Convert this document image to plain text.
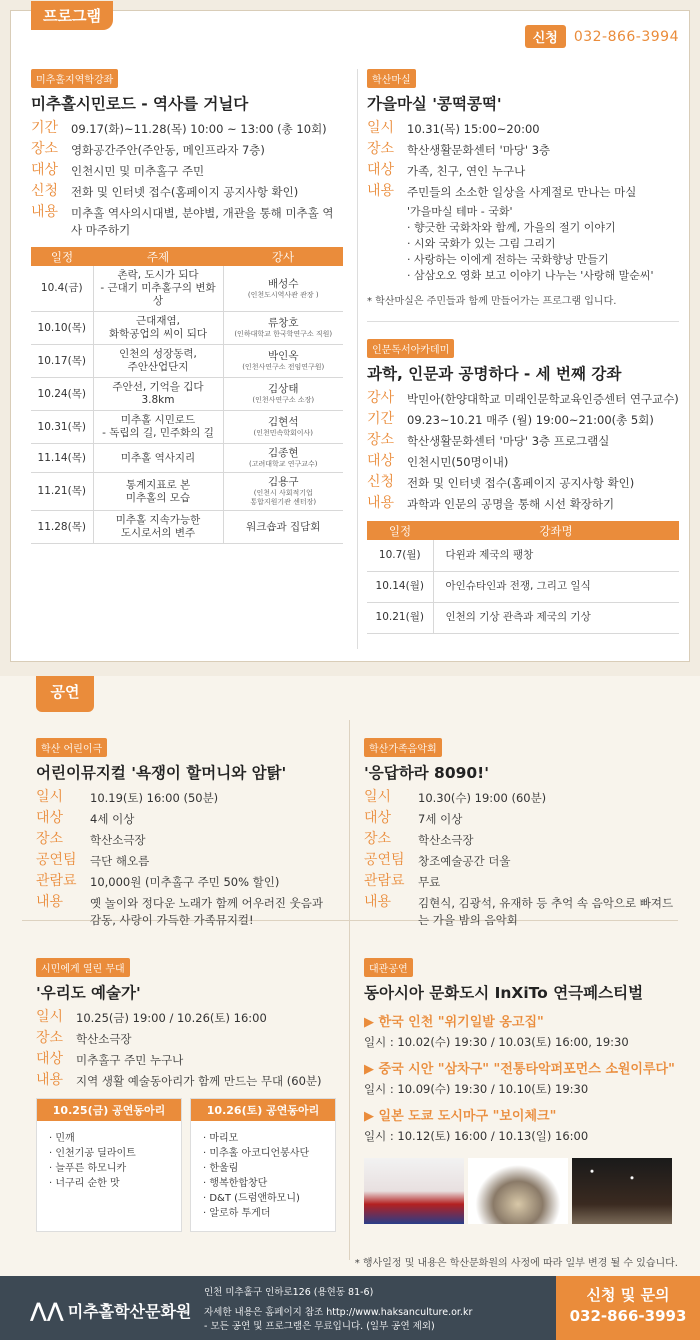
프로그램
신청	032-866-3994
미추홀지역학강좌
미추홀시민로드 - 역사를 거닐다
기간	09.17(화)~11.28(목) 10:00 ~ 13:00 (총 10회)
장소	영화공간주안(주안동, 메인프라자 7층)
대상	인천시민 및 미추홀구 주민
신청	전화 및 인터넷 접수(홈페이지 공지사항 확인)
내용	미추홀 역사의시대별, 분야별, 개관을 통해 미추홀 역사 마주하기
일정	주제	강사
10.4(금)	촌락, 도시가 되다
- 근대기 미추홀구의 변화상	배성수
(인천도시역사관 관장 )

10.10(목)	근대재염,
화학공업의 씨이 되다	류창호
(인하대학교 한국학연구소 직원)

10.17(목)	인천의 성장동력,
주안산업단지	박인옥
(인천사연구소 전임연구원)

10.24(목)	주안선, 기억을 깁다
3.8km	김상태
(인천사연구소 소장)

10.31(목)	미추홀 시민로드
- 독립의 길, 민주화의 길	김현석
(인천민속학회이사)

11.14(목)	미추홀 역사지리	김종현
(고려대학교 연구교수)

11.21(목)	통계지표로 본
미추홀의 모습	김용구
(인천시 사회적기업
통합지원기관 센터장)

11.28(목)	미추홀 지속가능한
도시로서의 변주	워크숍과 집담회
학산마실
가을마실 '콩떡콩떡'
일시	10.31(목) 15:00~20:00
장소	학산생활문화센터 '마당' 3층
대상	가족, 친구, 연인 누구나
내용	주민들의 소소한 일상을 사계절로 만나는 마실
'가을마실 테마 - 국화'
· 향긋한 국화차와 함께, 가을의 절기 이야기
· 시와 국화가 있는 그림 그리기
· 사랑하는 이에게 전하는 국화향낭 만들기
· 삼삼오오 영화 보고 이야기 나누는 '사랑해 말순씨'
* 학산마실은 주민들과 함께 만들어가는 프로그램 입니다.
인문독서아카데미
과학, 인문과 공명하다 - 세 번째 강좌
강사	박민아(한양대학교 미래인문학교육인증센터 연구교수)
기간	09.23~10.21 매주 (월) 19:00~21:00(총 5회)
장소	학산생활문화센터 '마당' 3층 프로그램실
대상	인천시민(50명이내)
신청	전화 및 인터넷 접수(홈페이지 공지사항 확인)
내용	과학과 인문의 공명을 통해 시선 확장하기
일정	강좌명
10.7(월)	다윈과 제국의 팽창
10.14(월)	아인슈타인과 전쟁, 그리고 일식
10.21(월)	인천의 기상 관측과 제국의 기상
공연
학산 어린이극
어린이뮤지컬 '욕쟁이 할머니와 암탉'
일시	10.19(토) 16:00 (50분)
대상	4세 이상
장소	학산소극장
공연팀	극단 해오름
관람료	10,000원 (미추홀구 주민 50% 할인)
내용	옛 놀이와 정다운 노래가 함께 어우러진 웃음과 감동, 사랑이 가득한 가족뮤지컬!
학산가족음악회
'응답하라 8090!'
일시	10.30(수) 19:00 (60분)
대상	7세 이상
장소	학산소극장
공연팀	창조예술공간 더울
관람료	무료
내용	김현식, 김광석, 유재하 등 추억 속 음악으로 빠져드는 가을 밤의 음악회
시민에게 열린 무대
'우리도 예술가'
일시	10.25(금) 19:00 / 10.26(토) 16:00
장소	학산소극장
대상	미추홀구 주민 누구나
내용	지역 생활 예술동아리가 함께 만드는 무대 (60분)
10.25(금) 공연동아리
· 민깨
· 인천기공 딜라이트
· 늘푸른 하모니카
· 너구리 순한 맛
10.26(토) 공연동아리
· 마리모
· 미추홀 아코디언봉사단
· 한울림
· 행복한합창단
· D&T (드럼앤하모니)
· 알로하 투게더
대관공연
동아시아 문화도시 InXiTo 연극페스티벌
▶ 한국 인천 "위기일발 옹고집"
일시 : 10.02(수) 19:30 / 10.03(토) 16:00, 19:30
▶ 중국 시안 "삼차구" "전통타악퍼포먼스 소원이루다"
일시 : 10.09(수) 19:30 / 10.10(토) 19:30
▶ 일본 도쿄 도시마구 "보이체크"
일시 : 10.12(토) 16:00 / 10.13(일) 16:00
* 행사일정 및 내용은 학산문화원의 사정에 따라 일부 변경 될 수 있습니다.
⋀⋀ 미추홀학산문화원
인천 미추홀구 인하로126 (용현동 81-6)
자세한 내용은 홈페이지 참조 http://www.haksanculture.or.kr
- 모든 공연 및 프로그램은 무료입니다. (일부 공연 제외)
신청 및 문의
032-866-3993
